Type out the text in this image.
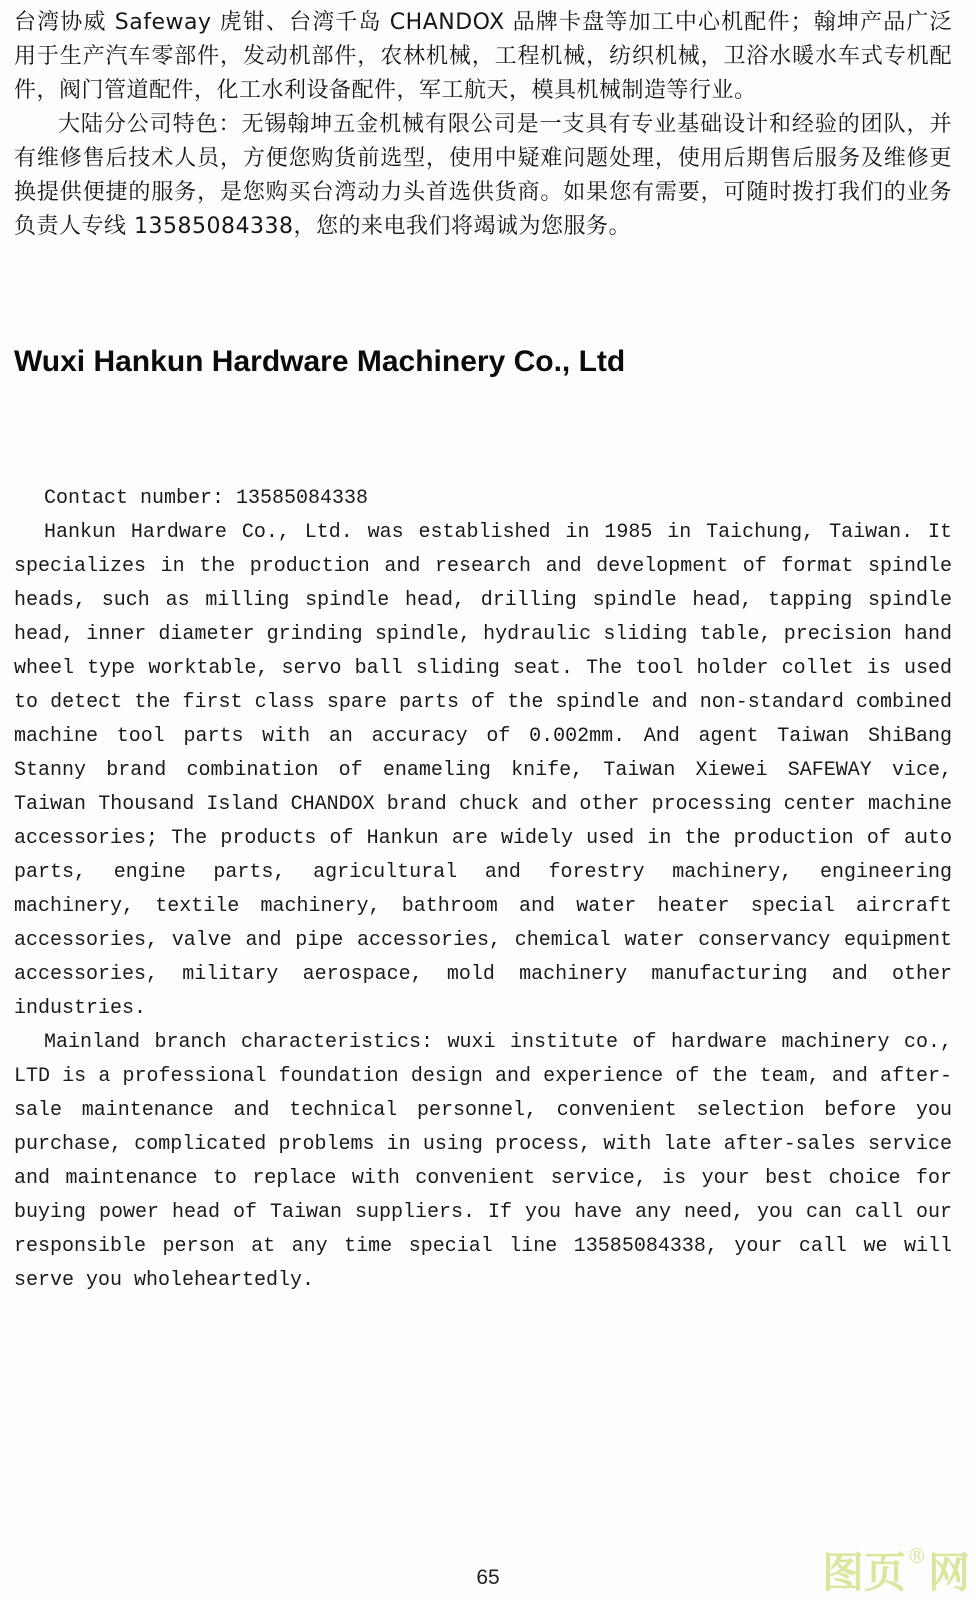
台湾协威 Safeway 虎钳、台湾千岛 CHANDOX 品牌卡盘等加工中心机配件；翰坤产品广泛用于生产汽车零部件，发动机部件，农林机械，工程机械，纺织机械，卫浴水暖水车式专机配件，阀门管道配件，化工水利设备配件，军工航天，模具机械制造等行业。

大陆分公司特色：无锡翰坤五金机械有限公司是一支具有专业基础设计和经验的团队，并有维修售后技术人员，方便您购货前选型，使用中疑难问题处理，使用后期售后服务及维修更换提供便捷的服务，是您购买台湾动力头首选供货商。如果您有需要，可随时拨打我们的业务负责人专线 13585084338，您的来电我们将竭诚为您服务。

Wuxi Hankun Hardware Machinery Co., Ltd

Contact number: 13585084338

Hankun Hardware Co., Ltd. was established in 1985 in Taichung, Taiwan. It specializes in the production and research and development of format spindle heads, such as milling spindle head, drilling spindle head, tapping spindle head, inner diameter grinding spindle, hydraulic sliding table, precision hand wheel type worktable, servo ball sliding seat. The tool holder collet is used to detect the first class spare parts of the spindle and non-standard combined machine tool parts with an accuracy of 0.002mm. And agent Taiwan ShiBang Stanny brand combination of enameling knife, Taiwan Xiewei SAFEWAY vice, Taiwan Thousand Island CHANDOX brand chuck and other processing center machine accessories; The products of Hankun are widely used in the production of auto parts, engine parts, agricultural and forestry machinery, engineering machinery, textile machinery, bathroom and water heater special aircraft accessories, valve and pipe accessories, chemical water conservancy equipment accessories, military aerospace, mold machinery manufacturing and other industries.

Mainland branch characteristics: wuxi institute of hardware machinery co., LTD is a professional foundation design and experience of the team, and after-sale maintenance and technical personnel, convenient selection before you purchase, complicated problems in using process, with late after-sales service and maintenance to replace with convenient service, is your best choice for buying power head of Taiwan suppliers. If you have any need, you can call our responsible person at any time special line 13585084338, your call we will serve you wholeheartedly.

65	图页®网
